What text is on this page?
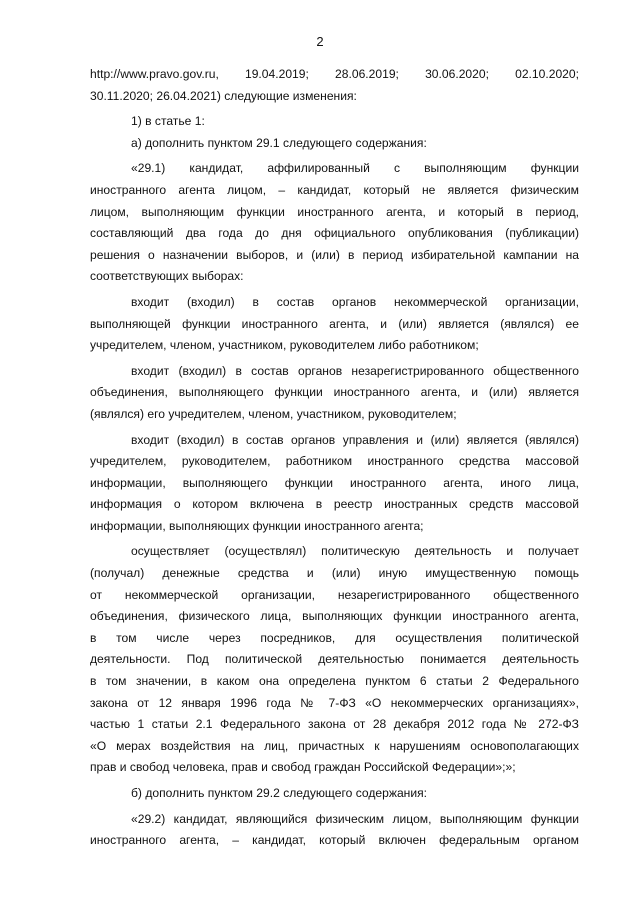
2

http://www.pravo.gov.ru, 19.04.2019; 28.06.2019; 30.06.2020; 02.10.2020;

30.11.2020; 26.04.2021) следующие изменения:

1) в статье 1:

а) дополнить пунктом 29.1 следующего содержания:

«29.1) кандидат, аффилированный с выполняющим функции

иностранного агента лицом, – кандидат, который не является физическим

лицом, выполняющим функции иностранного агента, и который в период,

составляющий два года до дня официального опубликования (публикации)

решения о назначении выборов, и (или) в период избирательной кампании на

соответствующих выборах:

входит (входил) в состав органов некоммерческой организации,

выполняющей функции иностранного агента, и (или) является (являлся) ее

учредителем, членом, участником, руководителем либо работником;

входит (входил) в состав органов незарегистрированного общественного

объединения, выполняющего функции иностранного агента, и (или) является

(являлся) его учредителем, членом, участником, руководителем;

входит (входил) в состав органов управления и (или) является (являлся)

учредителем, руководителем, работником иностранного средства массовой

информации, выполняющего функции иностранного агента, иного лица,

информация о котором включена в реестр иностранных средств массовой

информации, выполняющих функции иностранного агента;

осуществляет (осуществлял) политическую деятельность и получает

(получал) денежные средства и (или) иную имущественную помощь

от некоммерческой организации, незарегистрированного общественного

объединения, физического лица, выполняющих функции иностранного агента,

в том числе через посредников, для осуществления политической

деятельности. Под политической деятельностью понимается деятельность

в том значении, в каком она определена пунктом 6 статьи 2 Федерального

закона от 12 января 1996 года № 7-ФЗ «О некоммерческих организациях»,

частью 1 статьи 2.1 Федерального закона от 28 декабря 2012 года № 272-ФЗ

«О мерах воздействия на лиц, причастных к нарушениям основополагающих

прав и свобод человека, прав и свобод граждан Российской Федерации»;»;

б) дополнить пунктом 29.2 следующего содержания:

«29.2) кандидат, являющийся физическим лицом, выполняющим функции

иностранного агента, – кандидат, который включен федеральным органом
